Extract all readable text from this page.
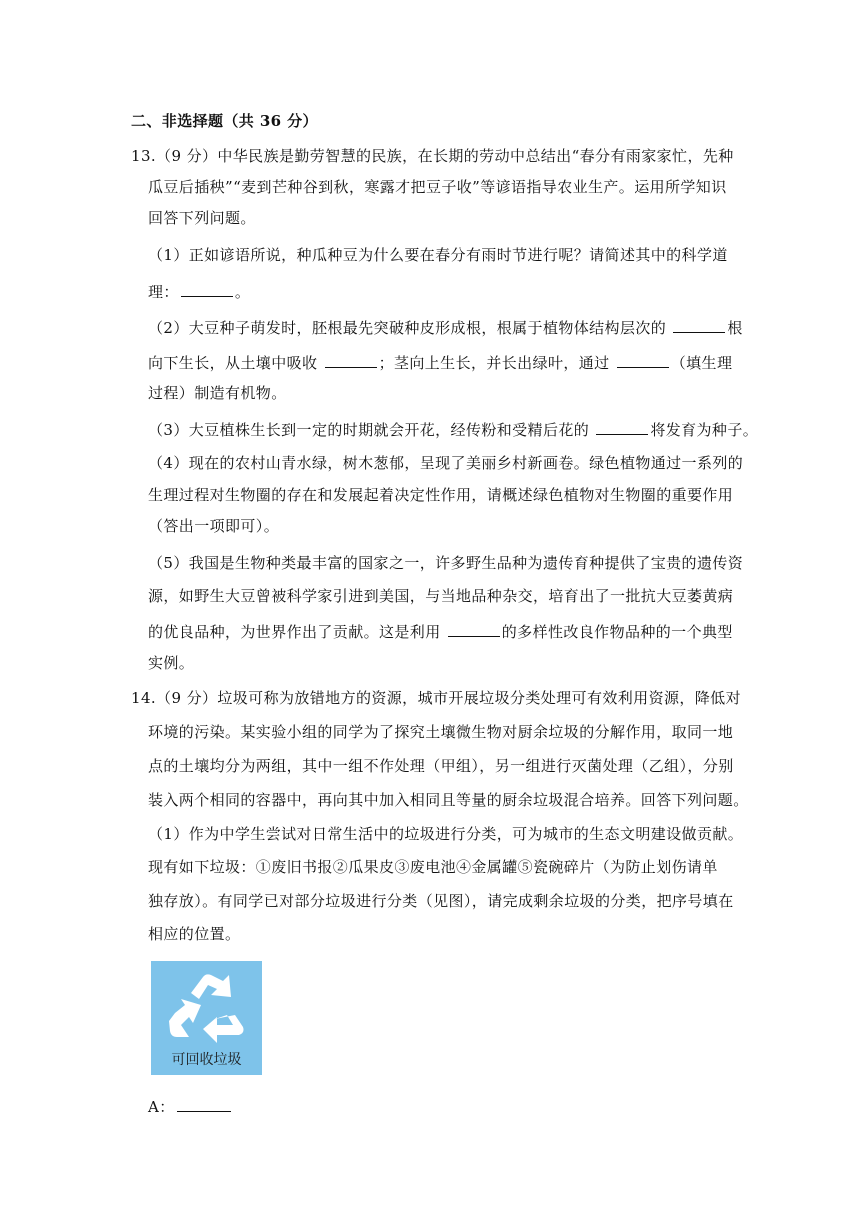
二、非选择题（共 36 分）
13.（9 分）中华民族是勤劳智慧的民族，在长期的劳动中总结出“春分有雨家家忙，先种
瓜豆后插秧”“麦到芒种谷到秋，寒露才把豆子收”等谚语指导农业生产。运用所学知识
回答下列问题。
（1）正如谚语所说，种瓜种豆为什么要在春分有雨时节进行呢？请简述其中的科学道
理：	。
（2）大豆种子萌发时，胚根最先突破种皮形成根，根属于植物体结构层次的	根
向下生长，从土壤中吸收	；茎向上生长，并长出绿叶，通过	（填生理
过程）制造有机物。
（3）大豆植株生长到一定的时期就会开花，经传粉和受精后花的	将发育为种子。
（4）现在的农村山青水绿，树木葱郁，呈现了美丽乡村新画卷。绿色植物通过一系列的
生理过程对生物圈的存在和发展起着决定性作用，请概述绿色植物对生物圈的重要作用
（答出一项即可）。
（5）我国是生物种类最丰富的国家之一，许多野生品种为遗传育种提供了宝贵的遗传资
源，如野生大豆曾被科学家引进到美国，与当地品种杂交，培育出了一批抗大豆萎黄病
的优良品种，为世界作出了贡献。这是利用	的多样性改良作物品种的一个典型
实例。
14.（9 分）垃圾可称为放错地方的资源，城市开展垃圾分类处理可有效利用资源，降低对
环境的污染。某实验小组的同学为了探究土壤微生物对厨余垃圾的分解作用，取同一地
点的土壤均分为两组，其中一组不作处理（甲组），另一组进行灭菌处理（乙组），分别
装入两个相同的容器中，再向其中加入相同且等量的厨余垃圾混合培养。回答下列问题。
（1）作为中学生尝试对日常生活中的垃圾进行分类，可为城市的生态文明建设做贡献。
现有如下垃圾：①废旧书报②瓜果皮③废电池④金属罐⑤瓷碗碎片（为防止划伤请单
独存放）。有同学已对部分垃圾进行分类（见图），请完成剩余垃圾的分类，把序号填在
相应的位置。
可回收垃圾
A：
